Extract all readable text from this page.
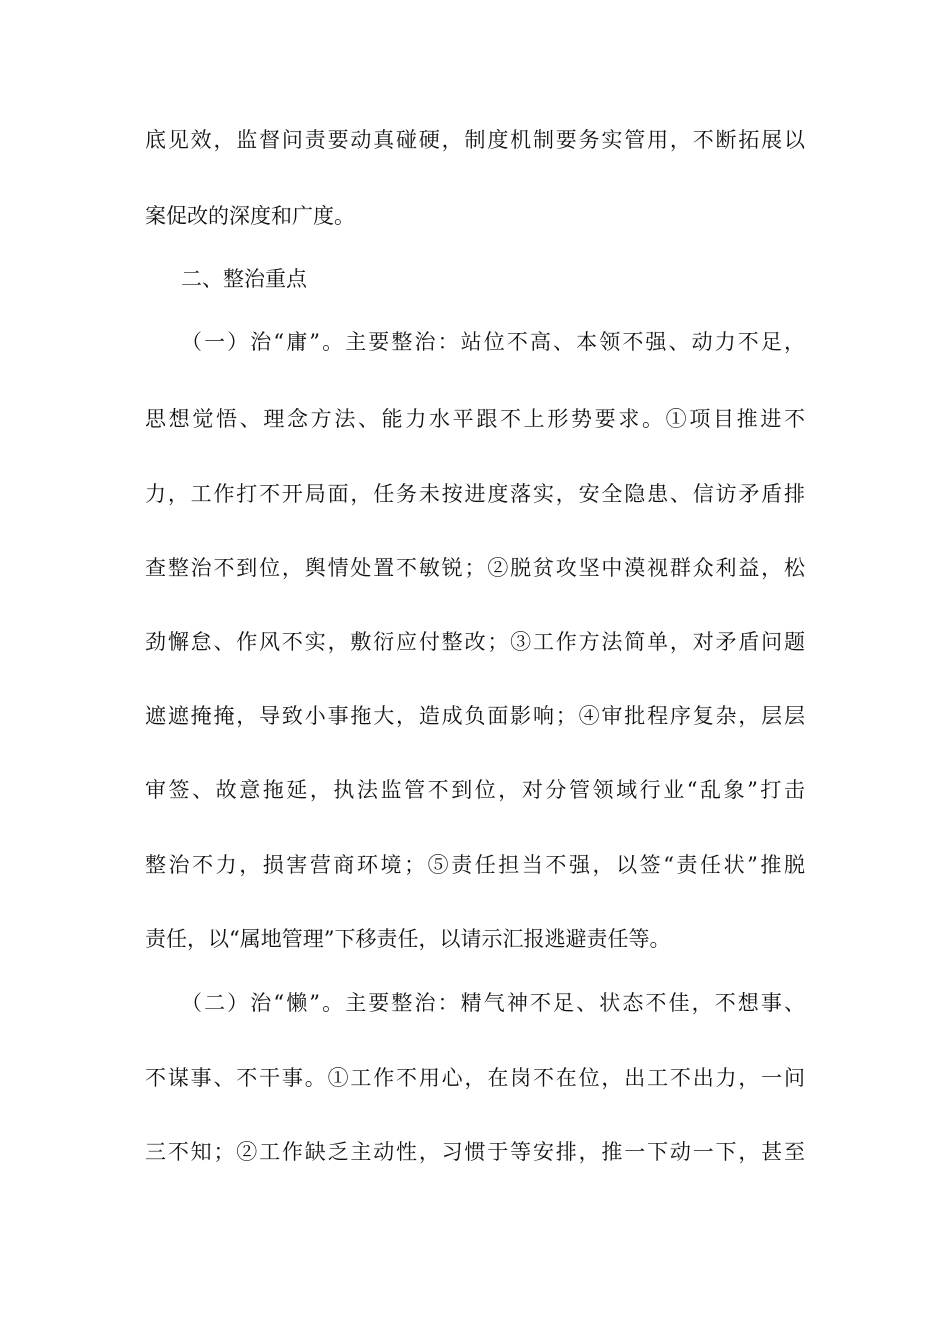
底见效，监督问责要动真碰硬，制度机制要务实管用，不断拓展以
案促改的深度和广度。
二、整治重点
（一）治“庸”。主要整治：站位不高、本领不强、动力不足，
思想觉悟、理念方法、能力水平跟不上形势要求。①项目推进不
力，工作打不开局面，任务未按进度落实，安全隐患、信访矛盾排
查整治不到位，舆情处置不敏锐；②脱贫攻坚中漠视群众利益，松
劲懈怠、作风不实，敷衍应付整改；③工作方法简单，对矛盾问题
遮遮掩掩，导致小事拖大，造成负面影响；④审批程序复杂，层层
审签、故意拖延，执法监管不到位，对分管领域行业“乱象”打击
整治不力，损害营商环境；⑤责任担当不强，以签“责任状”推脱
责任，以“属地管理”下移责任，以请示汇报逃避责任等。
（二）治“懒”。主要整治：精气神不足、状态不佳，不想事、
不谋事、不干事。①工作不用心，在岗不在位，出工不出力，一问
三不知；②工作缺乏主动性，习惯于等安排，推一下动一下，甚至
